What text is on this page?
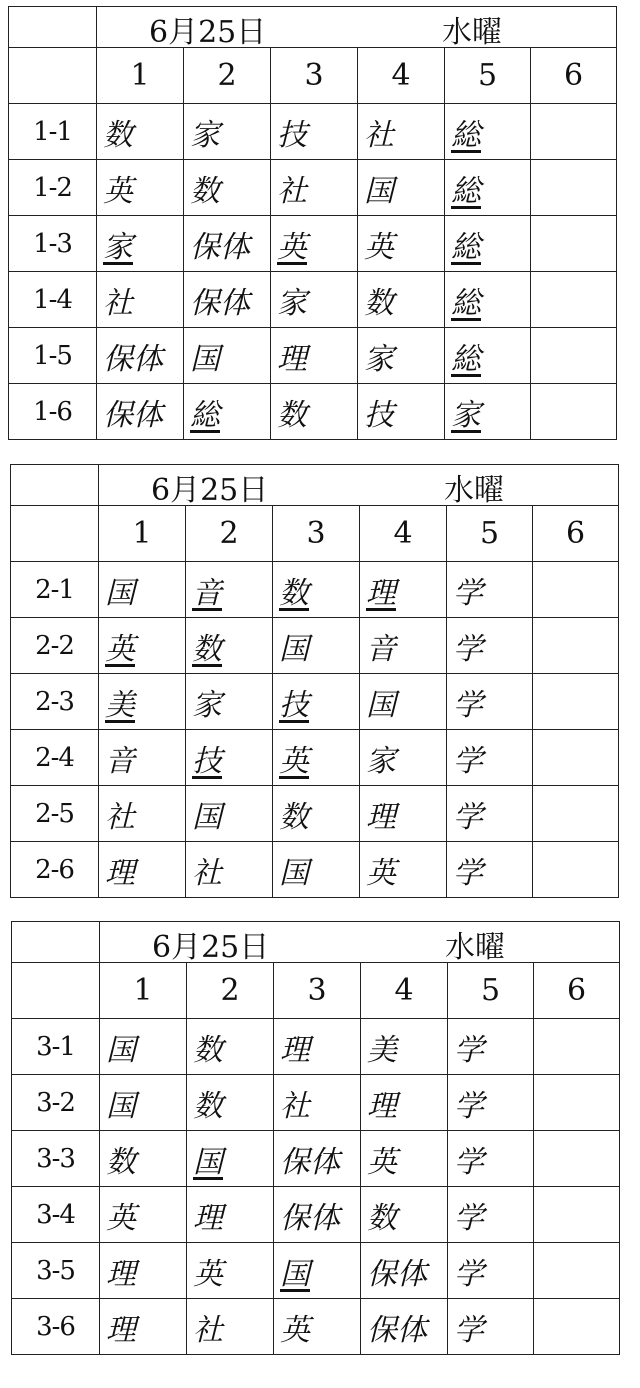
	6月25日 水曜					

	1	2	3	4	5	6
1-1	数	家	技	社	総	
1-2	英	数	社	国	総	
1-3	家	保体	英	英	総	
1-4	社	保体	家	数	総	
1-5	保体	国	理	家	総	
1-6	保体	総	数	技	家	

	6月25日 水曜					

	1	2	3	4	5	6
2-1	国	音	数	理	学	
2-2	英	数	国	音	学	
2-3	美	家	技	国	学	
2-4	音	技	英	家	学	
2-5	社	国	数	理	学	
2-6	理	社	国	英	学	

	6月25日 水曜					

	1	2	3	4	5	6
3-1	国	数	理	美	学	
3-2	国	数	社	理	学	
3-3	数	国	保体	英	学	
3-4	英	理	保体	数	学	
3-5	理	英	国	保体	学	
3-6	理	社	英	保体	学	
